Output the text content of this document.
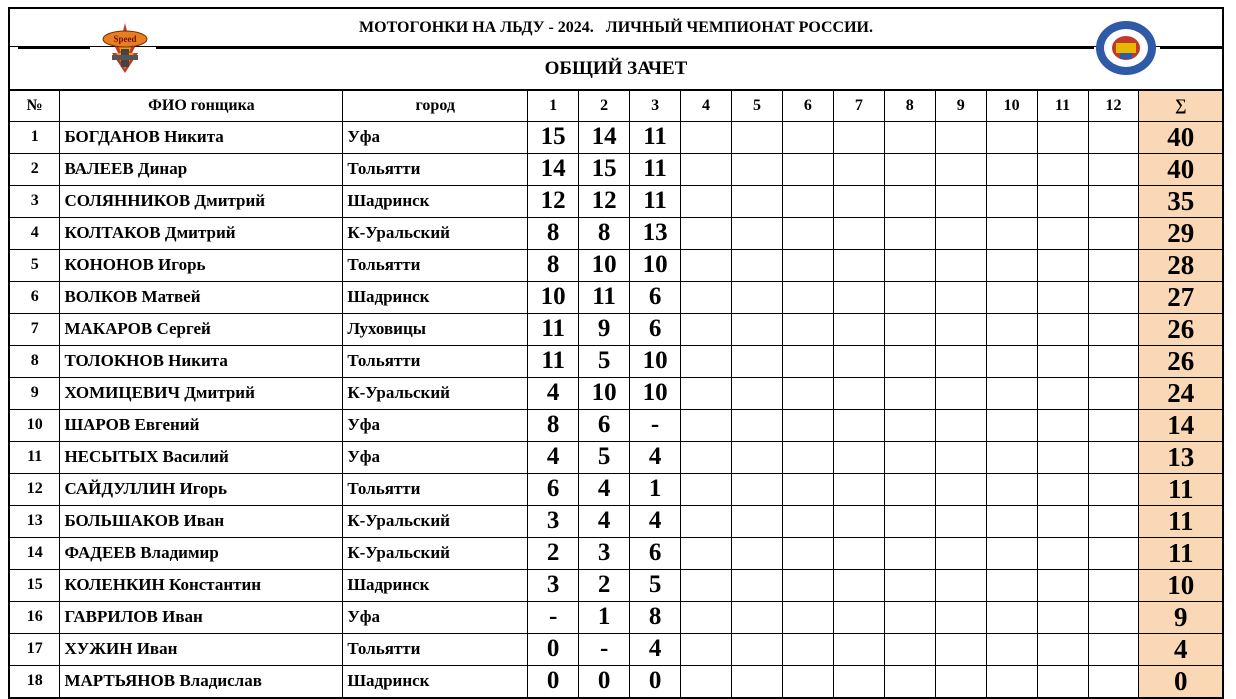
МОТОГОНКИ НА ЛЬДУ - 2024.   ЛИЧНЫЙ ЧЕМПИОНАТ РОССИИ.
ОБЩИЙ ЗАЧЕТ
Speed
№	ФИО гонщика	город	1	2	3	4	5	6	7	8	9	10	11	12	∑
1	БОГДАНОВ Никита	Уфа	15	14	11										40
2	ВАЛЕЕВ Динар	Тольятти	14	15	11										40
3	СОЛЯННИКОВ Дмитрий	Шадринск	12	12	11										35
4	КОЛТАКОВ Дмитрий	К-Уральский	8	8	13										29
5	КОНОНОВ Игорь	Тольятти	8	10	10										28
6	ВОЛКОВ Матвей	Шадринск	10	11	6										27
7	МАКАРОВ Сергей	Луховицы	11	9	6										26
8	ТОЛОКНОВ Никита	Тольятти	11	5	10										26
9	ХОМИЦЕВИЧ Дмитрий	К-Уральский	4	10	10										24
10	ШАРОВ Евгений	Уфа	8	6	-										14
11	НЕСЫТЫХ Василий	Уфа	4	5	4										13
12	САЙДУЛЛИН Игорь	Тольятти	6	4	1										11
13	БОЛЬШАКОВ Иван	К-Уральский	3	4	4										11
14	ФАДЕЕВ Владимир	К-Уральский	2	3	6										11
15	КОЛЕНКИН Константин	Шадринск	3	2	5										10
16	ГАВРИЛОВ Иван	Уфа	-	1	8										9
17	ХУЖИН Иван	Тольятти	0	-	4										4
18	МАРТЬЯНОВ Владислав	Шадринск	0	0	0										0
